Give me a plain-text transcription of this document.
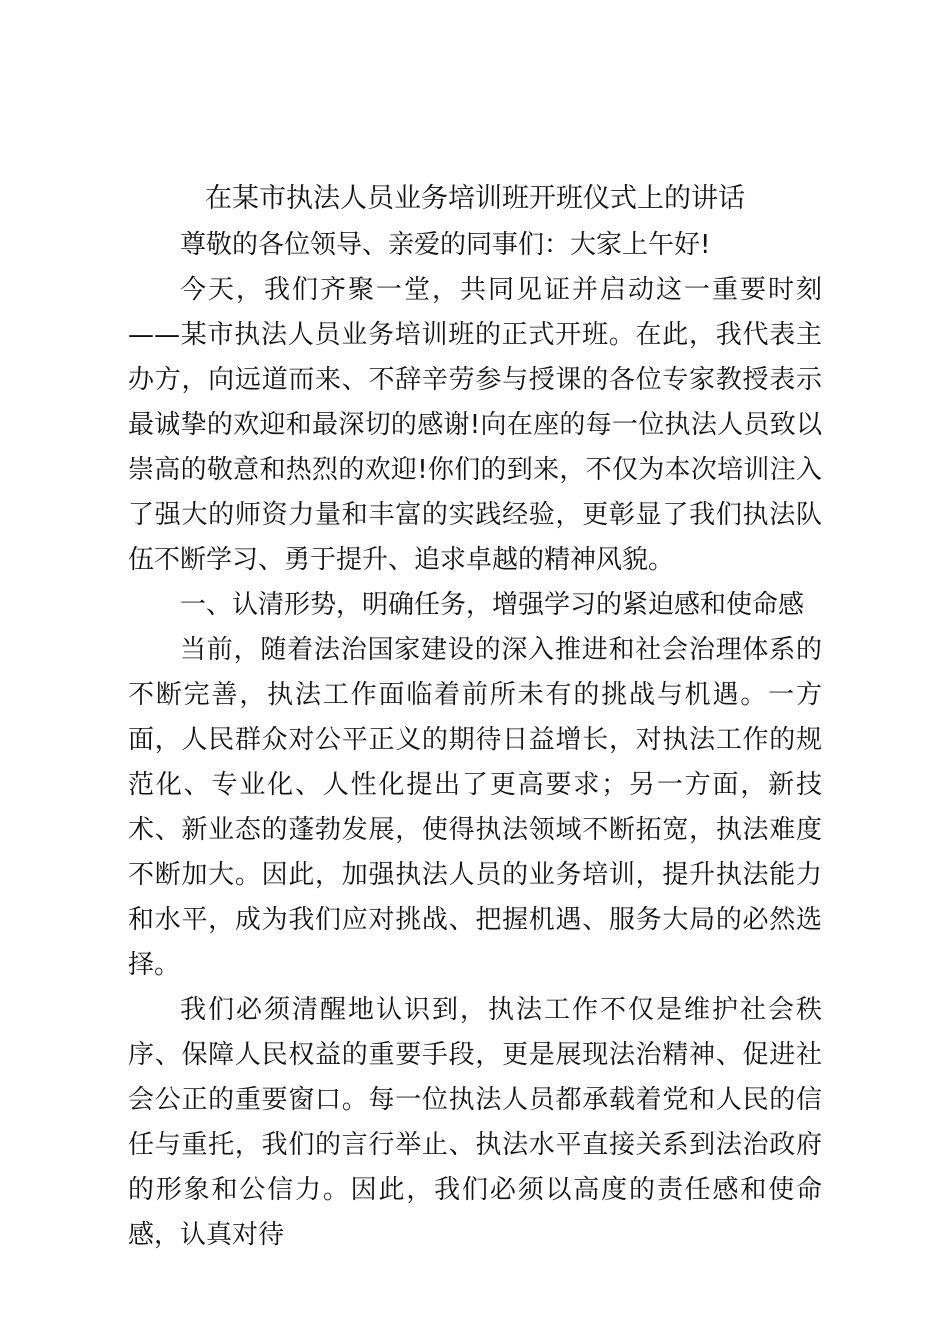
在某市执法人员业务培训班开班仪式上的讲话

尊敬的各位领导、亲爱的同事们：大家上午好!

今天，我们齐聚一堂，共同见证并启动这一重要时刻——某市执法人员业务培训班的正式开班。在此，我代表主办方，向远道而来、不辞辛劳参与授课的各位专家教授表示最诚挚的欢迎和最深切的感谢!向在座的每一位执法人员致以崇高的敬意和热烈的欢迎!你们的到来，不仅为本次培训注入了强大的师资力量和丰富的实践经验，更彰显了我们执法队伍不断学习、勇于提升、追求卓越的精神风貌。

一、认清形势，明确任务，增强学习的紧迫感和使命感

当前，随着法治国家建设的深入推进和社会治理体系的不断完善，执法工作面临着前所未有的挑战与机遇。一方面，人民群众对公平正义的期待日益增长，对执法工作的规范化、专业化、人性化提出了更高要求；另一方面，新技术、新业态的蓬勃发展，使得执法领域不断拓宽，执法难度不断加大。因此，加强执法人员的业务培训，提升执法能力和水平，成为我们应对挑战、把握机遇、服务大局的必然选择。

我们必须清醒地认识到，执法工作不仅是维护社会秩序、保障人民权益的重要手段，更是展现法治精神、促进社会公正的重要窗口。每一位执法人员都承载着党和人民的信任与重托，我们的言行举止、执法水平直接关系到法治政府的形象和公信力。因此，我们必须以高度的责任感和使命感，认真对待
